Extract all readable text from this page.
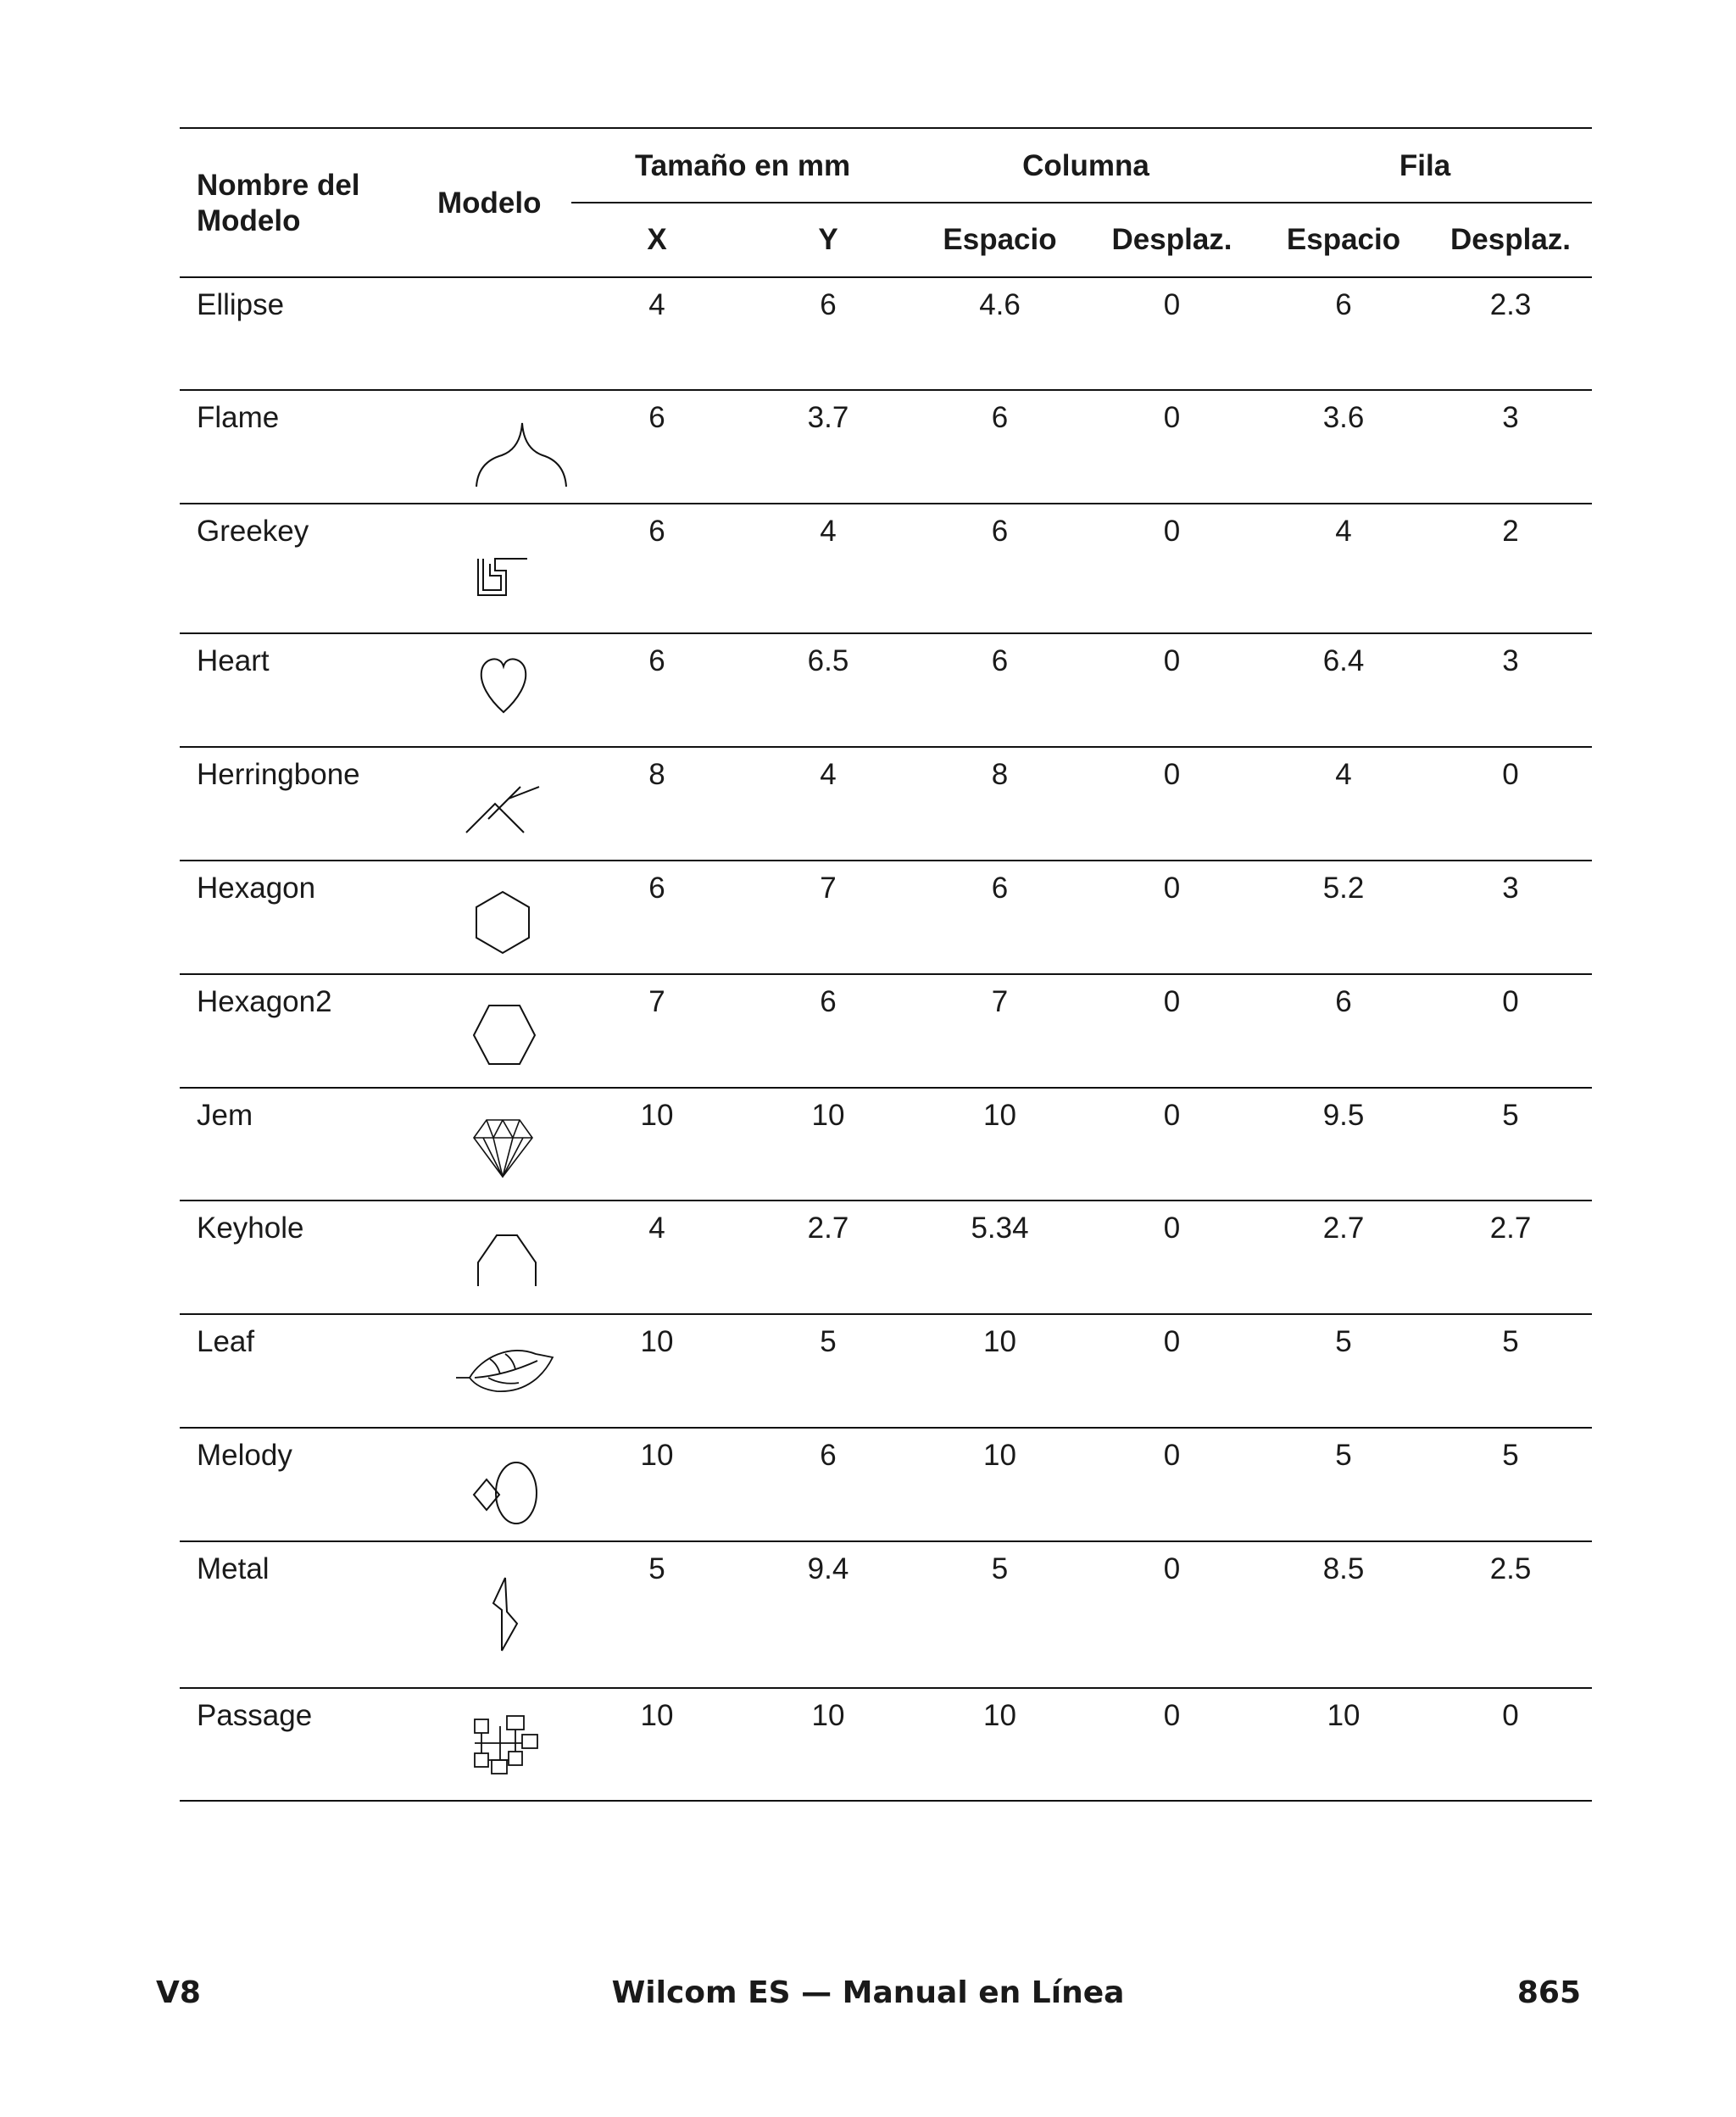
Nombre del Modelo	Modelo	Tamaño en mm		Columna		Fila	
		X	Y	Espacio	Desplaz.	Espacio	Desplaz.
Ellipse		4	6	4.6	0	6	2.3
Flame		6	3.7	6	0	3.6	3
Greekey		6	4	6	0	4	2
Heart		6	6.5	6	0	6.4	3
Herringbone		8	4	8	0	4	0
Hexagon		6	7	6	0	5.2	3
Hexagon2		7	6	7	0	6	0
Jem		10	10	10	0	9.5	5
Keyhole		4	2.7	5.34	0	2.7	2.7
Leaf		10	5	10	0	5	5
Melody		10	6	10	0	5	5
Metal		5	9.4	5	0	8.5	2.5
Passage		10	10	10	0	10	0
V8	Wilcom ES — Manual en Línea	865
